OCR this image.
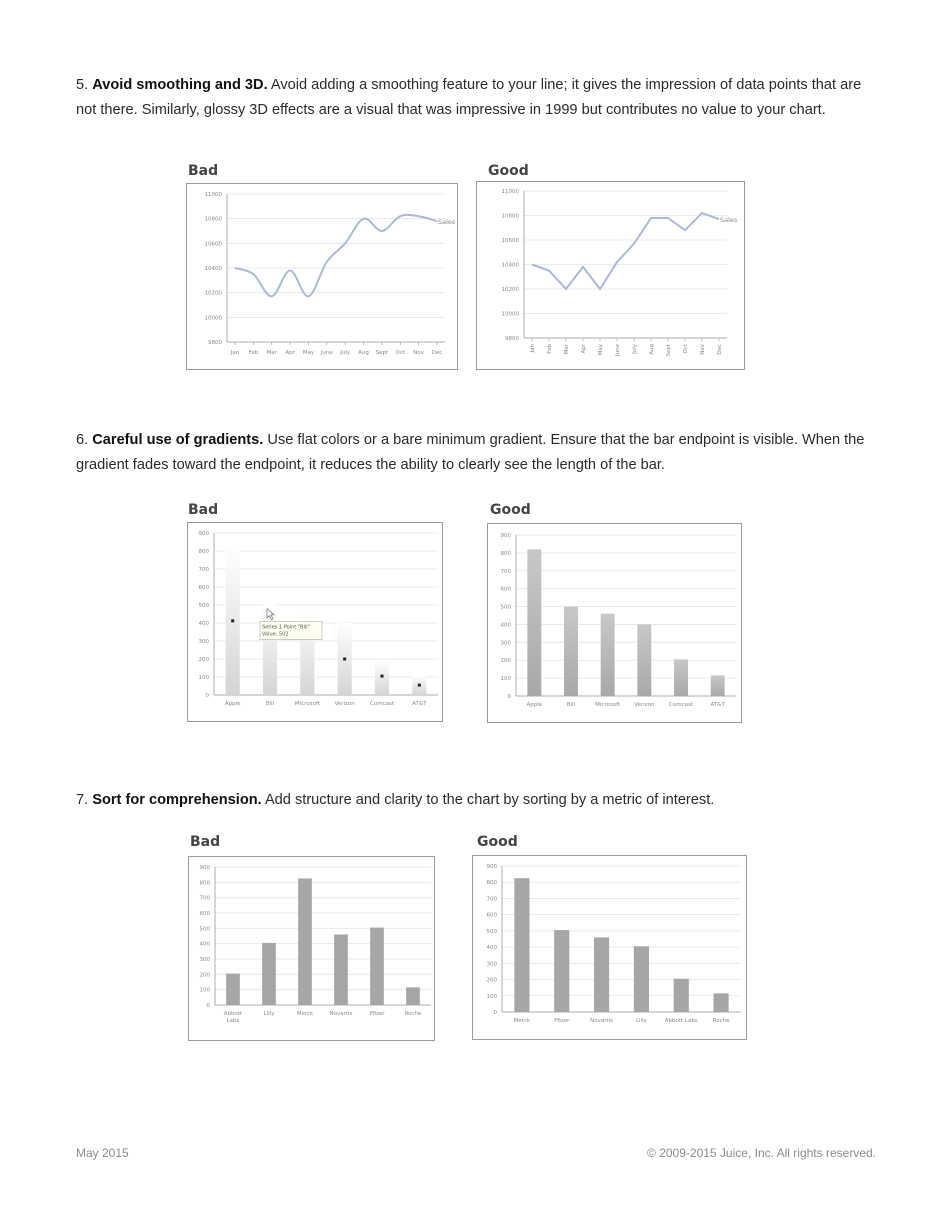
5. Avoid smoothing and 3D. Avoid adding a smoothing feature to your line; it gives the impression of data points that are not there. Similarly, glossy 3D effects are a visual that was impressive in 1999 but contributes no value to your chart.
Bad
9800
10000
10200
10400
10600
10800
11000
Jan Feb Mar Apr May June July Aug Sept Oct Nov Dec
Sales
Good
9800
10000
10200
10400
10600
10800
11000
Jan Feb Mar Apr May June July Aug Sept Oct Nov Dec
Sales
6. Careful use of gradients. Use flat colors or a bare minimum gradient. Ensure that the bar endpoint is visible. When the gradient fades toward the endpoint, it reduces the ability to clearly see the length of the bar.
Bad
0
100
200
300
400
500
600
700
800
900
Apple	Bill	Microsoft	Verizon	Comcast	AT&T
Series 1 Point "Bill"
Value: 502
Good
0
100
200
300
400
500
600
700
800
900
Apple	Bill	Microsoft	Verizon	Comcast	AT&T
7. Sort for comprehension. Add structure and clarity to the chart by sorting by a metric of interest.
Bad
0
100
200
300
400
500
600
700
800
900
Abbott
Labs
Lilly	Merck	Novartis	Pfizer	Roche
Good
0
100
200
300
400
500
600
700
800
900
Merck	Pfizer	Novartis	Lilly	Abbott Labs	Roche
May 2015	© 2009-2015 Juice, Inc. All rights reserved.
